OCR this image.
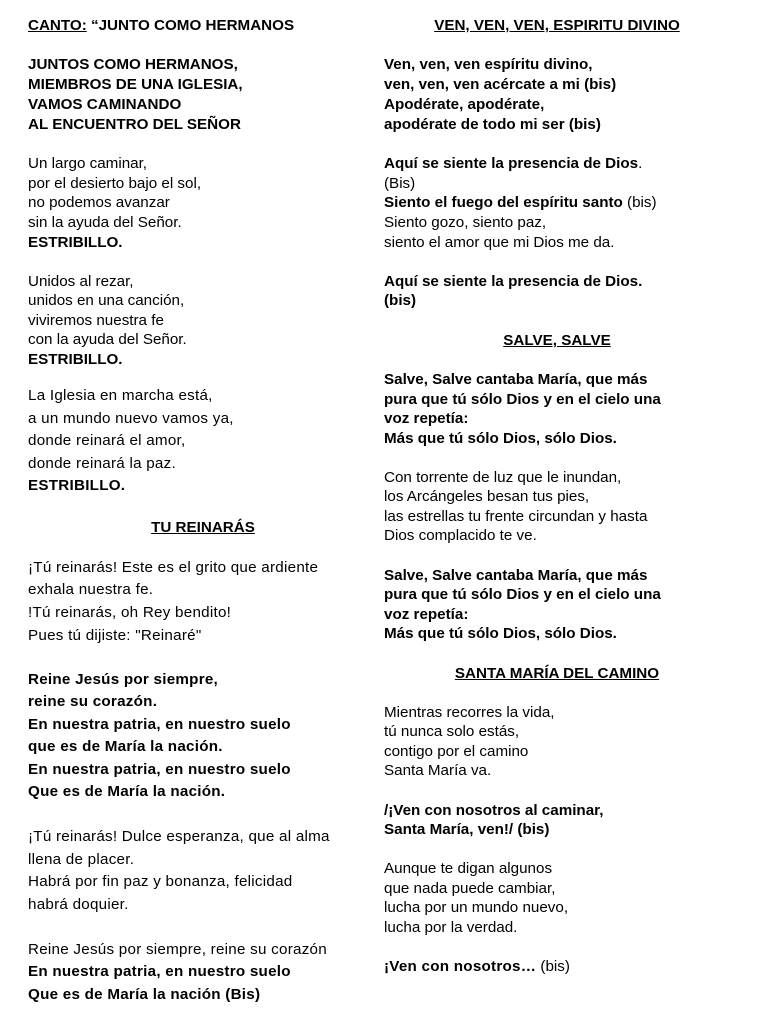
CANTO: “JUNTO COMO HERMANOS
JUNTOS COMO HERMANOS,
MIEMBROS DE UNA IGLESIA,
VAMOS CAMINANDO
AL ENCUENTRO DEL SEÑOR
Un largo caminar,
por el desierto bajo el sol,
no podemos avanzar
sin la ayuda del Señor.
ESTRIBILLO.
Unidos al rezar,
unidos en una canción,
viviremos nuestra fe
con la ayuda del Señor.
ESTRIBILLO.
La Iglesia en marcha está,
a un mundo nuevo vamos ya,
donde reinará el amor,
donde reinará la paz.
ESTRIBILLO.
TU REINARÁS
¡Tú reinarás! Este es el grito que ardiente
exhala nuestra fe.
!Tú reinarás, oh Rey bendito!
Pues tú dijiste: "Reinaré"
Reine Jesús por siempre,
reine su corazón.
En nuestra patria, en nuestro suelo
que es de María la nación.
En nuestra patria, en nuestro suelo
Que es de María la nación.
¡Tú reinarás! Dulce esperanza, que al alma
llena de placer.
Habrá por fin paz y bonanza, felicidad
habrá doquier.
Reine Jesús por siempre, reine su corazón
En nuestra patria, en nuestro suelo
Que es de María la nación (Bis)
VEN, VEN, VEN, ESPIRITU DIVINO
Ven, ven, ven espíritu divino,
ven, ven, ven acércate a mi (bis)
Apodérate, apodérate,
apodérate de todo mi ser (bis)
Aquí se siente la presencia de Dios.
(Bis)
Siento el fuego del espíritu santo (bis)
Siento gozo, siento paz,
siento el amor que mi Dios me da.
Aquí se siente la presencia de Dios.
(bis)
SALVE, SALVE
Salve, Salve cantaba María, que más
pura que tú sólo Dios y en el cielo una
voz repetía:
Más que tú sólo Dios, sólo Dios.
Con torrente de luz que le inundan,
los Arcángeles besan tus pies,
las estrellas tu frente circundan y hasta
Dios complacido te ve.
Salve, Salve cantaba María, que más
pura que tú sólo Dios y en el cielo una
voz repetía:
Más que tú sólo Dios, sólo Dios.
SANTA MARÍA DEL CAMINO
Mientras recorres la vida,
tú nunca solo estás,
contigo por el camino
Santa María va.
/¡Ven con nosotros al caminar,
Santa María, ven!/ (bis)
Aunque te digan algunos
que nada puede cambiar,
lucha por un mundo nuevo,
lucha por la verdad.
¡Ven con nosotros… (bis)
